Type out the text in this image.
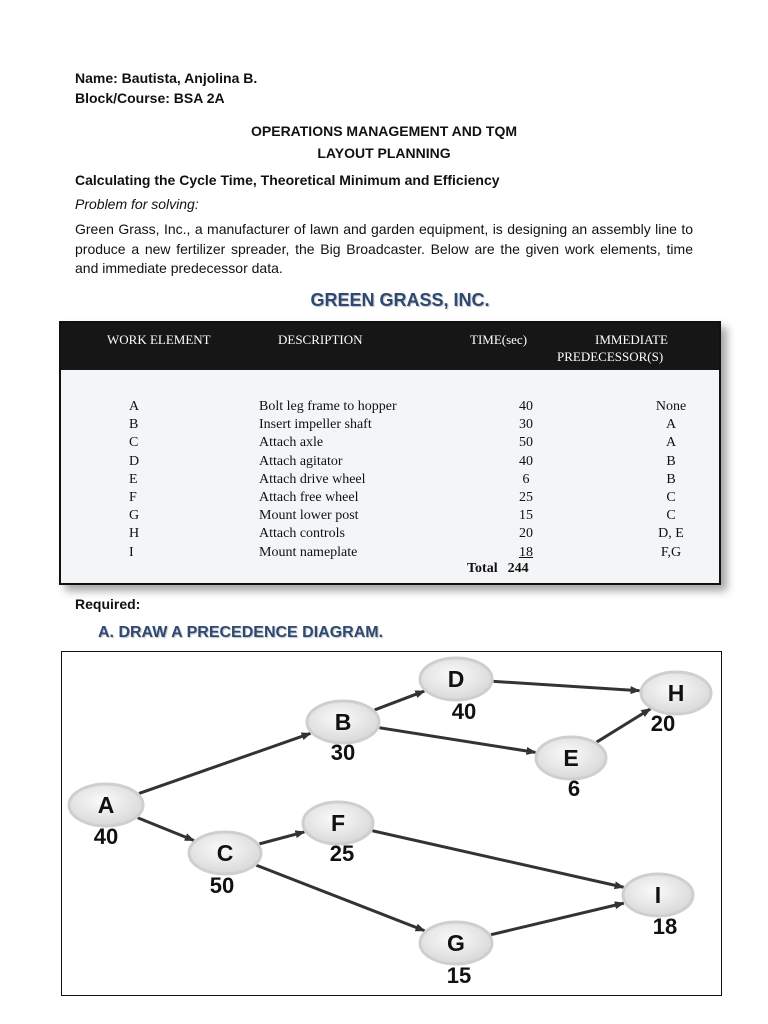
Name: Bautista, Anjolina B.
Block/Course: BSA 2A
OPERATIONS MANAGEMENT AND TQM
LAYOUT PLANNING
Calculating the Cycle Time, Theoretical Minimum and Efficiency
Problem for solving:
Green Grass, Inc., a manufacturer of lawn and garden equipment, is designing an assembly line to produce a new fertilizer spreader, the Big Broadcaster. Below are the given work elements, time and immediate predecessor data.
GREEN GRASS, INC.
WORK ELEMENT	DESCRIPTION	TIME(sec)	IMMEDIATE
PREDECESSOR(S)
A	Bolt leg frame to hopper	40	None
B	Insert impeller shaft	30	A
C	Attach axle	50	A
D	Attach agitator	40	B
E	Attach drive wheel	6	B
F	Attach free wheel	25	C
G	Mount lower post	15	C
H	Attach controls	20	D, E
I	Mount nameplate	18	F,G
Total 244
Required:
A. DRAW A PRECEDENCE DIAGRAM.
A
40
B
30
C
50
D
40
E
6
F
25
G
15
H
20
I
18
